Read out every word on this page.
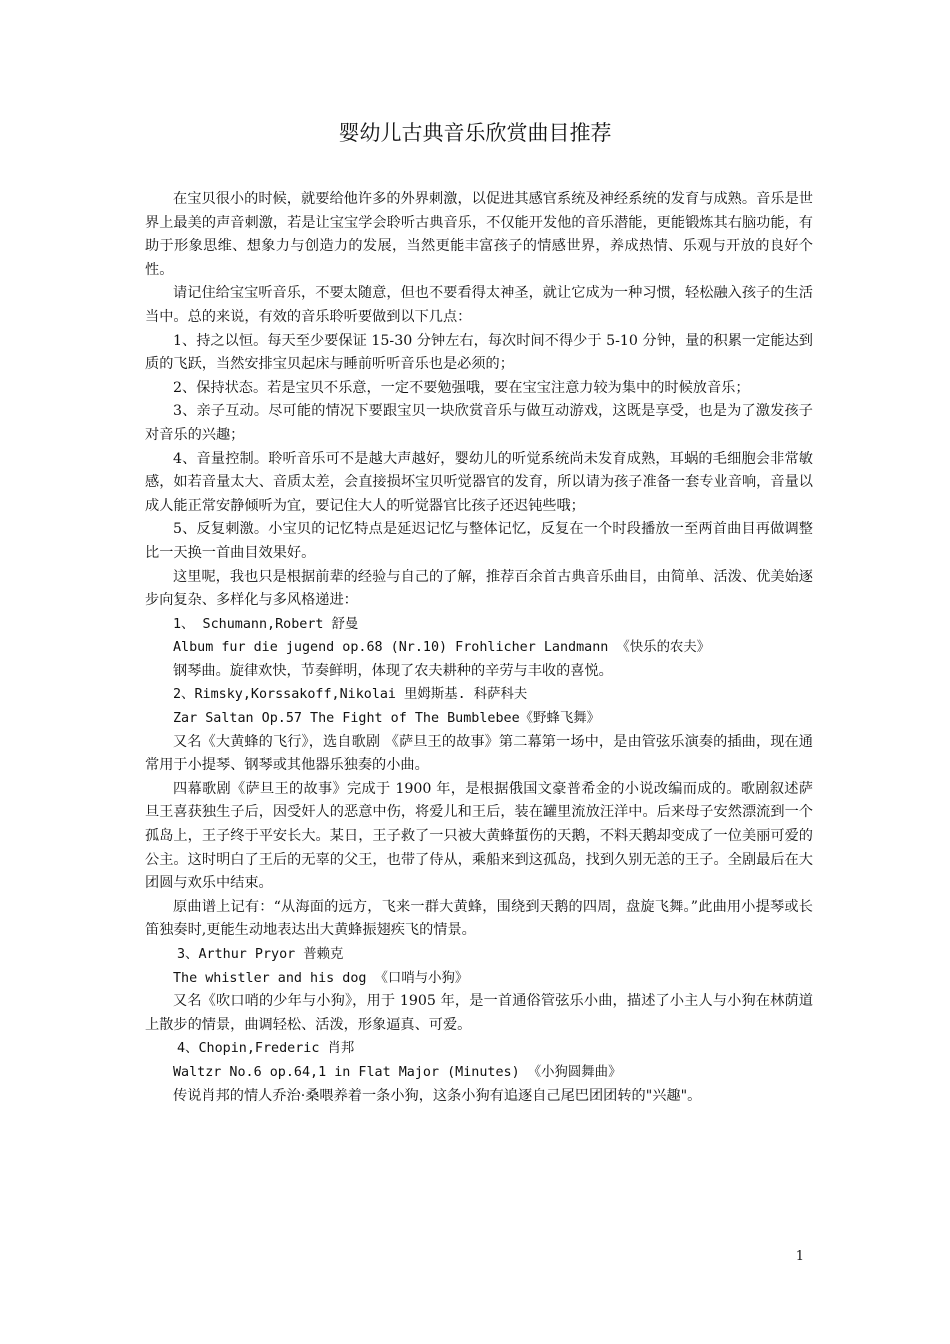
婴幼儿古典音乐欣赏曲目推荐

在宝贝很小的时候，就要给他许多的外界刺激，以促进其感官系统及神经系统的发育与成熟。音乐是世界上最美的声音刺激，若是让宝宝学会聆听古典音乐，不仅能开发他的音乐潜能，更能锻炼其右脑功能，有助于形象思维、想象力与创造力的发展，当然更能丰富孩子的情感世界，养成热情、乐观与开放的良好个性。

请记住给宝宝听音乐，不要太随意，但也不要看得太神圣，就让它成为一种习惯，轻松融入孩子的生活当中。总的来说，有效的音乐聆听要做到以下几点：

1、持之以恒。每天至少要保证 15-30 分钟左右，每次时间不得少于 5-10 分钟，量的积累一定能达到质的飞跃，当然安排宝贝起床与睡前听听音乐也是必须的；

2、保持状态。若是宝贝不乐意，一定不要勉强哦，要在宝宝注意力较为集中的时候放音乐；

3、亲子互动。尽可能的情况下要跟宝贝一块欣赏音乐与做互动游戏，这既是享受，也是为了激发孩子对音乐的兴趣；

4、音量控制。聆听音乐可不是越大声越好，婴幼儿的听觉系统尚未发育成熟，耳蜗的毛细胞会非常敏感，如若音量太大、音质太差，会直接损坏宝贝听觉器官的发育，所以请为孩子准备一套专业音响，音量以成人能正常安静倾听为宜，要记住大人的听觉器官比孩子还迟钝些哦；

5、反复刺激。小宝贝的记忆特点是延迟记忆与整体记忆，反复在一个时段播放一至两首曲目再做调整比一天换一首曲目效果好。

这里呢，我也只是根据前辈的经验与自己的了解，推荐百余首古典音乐曲目，由简单、活泼、优美始逐步向复杂、多样化与多风格递进：

1、 Schumann,Robert 舒曼

Album fur die jugend op.68 (Nr.10) Frohlicher Landmann 《快乐的农夫》

钢琴曲。旋律欢快，节奏鲜明，体现了农夫耕种的辛劳与丰收的喜悦。

2、Rimsky,Korssakoff,Nikolai 里姆斯基. 科萨科夫

Zar Saltan Op.57 The Fight of The Bumblebee《野蜂飞舞》

又名《大黄蜂的飞行》，选自歌剧 《萨旦王的故事》第二幕第一场中，是由管弦乐演奏的插曲，现在通常用于小提琴、钢琴或其他器乐独奏的小曲。

四幕歌剧《萨旦王的故事》完成于 1900 年，是根据俄国文豪普希金的小说改编而成的。歌剧叙述萨旦王喜获独生子后，因受奸人的恶意中伤，将爱儿和王后，装在罐里流放汪洋中。后来母子安然漂流到一个孤岛上，王子终于平安长大。某日，王子救了一只被大黄蜂蜇伤的天鹅，不料天鹅却变成了一位美丽可爱的公主。这时明白了王后的无辜的父王，也带了侍从，乘船来到这孤岛，找到久别无恙的王子。全剧最后在大团圆与欢乐中结束。

原曲谱上记有：“从海面的远方，飞来一群大黄蜂，围绕到天鹅的四周，盘旋飞舞。”此曲用小提琴或长笛独奏时,更能生动地表达出大黄蜂振翅疾飞的情景。

3、Arthur Pryor 普赖克

The whistler and his dog 《口哨与小狗》

又名《吹口哨的少年与小狗》，用于 1905 年，是一首通俗管弦乐小曲，描述了小主人与小狗在林荫道上散步的情景，曲调轻松、活泼，形象逼真、可爱。

4、Chopin,Frederic 肖邦

Waltzr No.6 op.64,1 in Flat Major (Minutes) 《小狗圆舞曲》

传说肖邦的情人乔治·桑喂养着一条小狗，这条小狗有追逐自己尾巴团团转的"兴趣"。

1
